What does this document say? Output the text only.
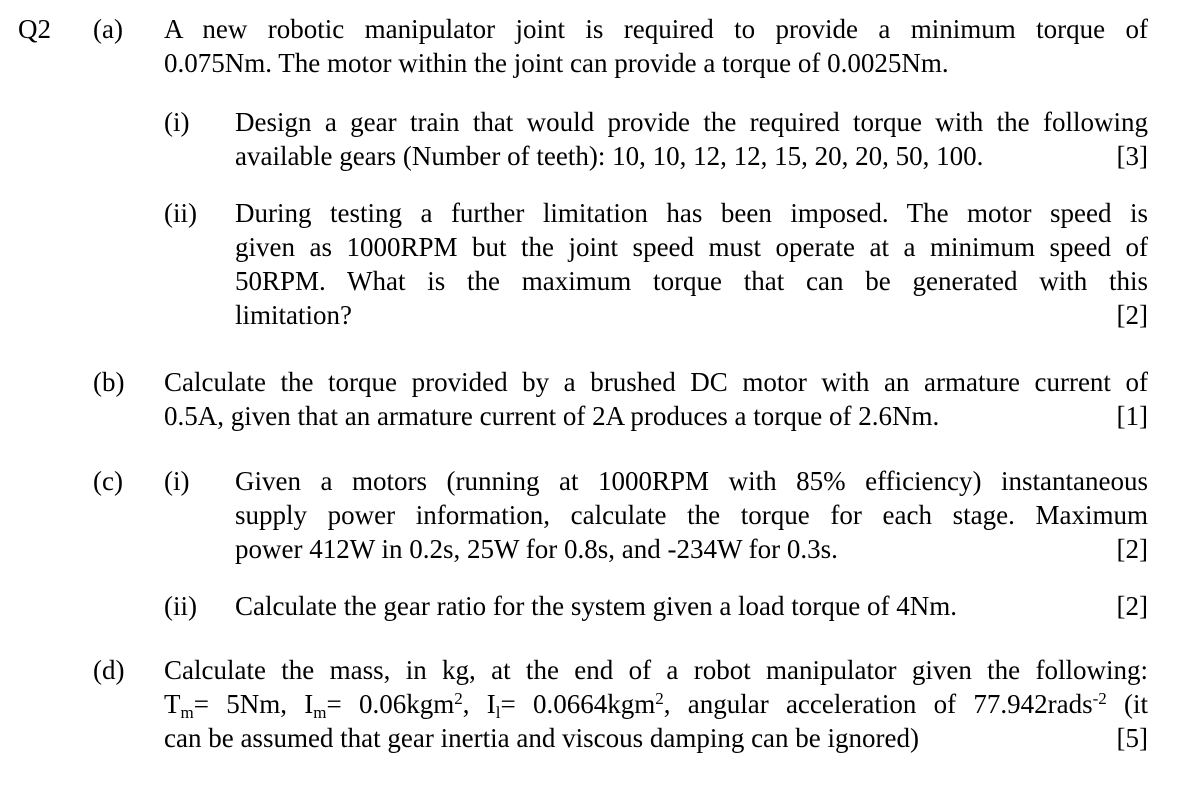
Q2 (a) A new robotic manipulator joint is required to provide a minimum torque of
0.075Nm. The motor within the joint can provide a torque of 0.0025Nm.
(i) Design a gear train that would provide the required torque with the following
available gears (Number of teeth): 10, 10, 12, 12, 15, 20, 20, 50, 100.	[3]
(ii) During testing a further limitation has been imposed. The motor speed is
given as 1000RPM but the joint speed must operate at a minimum speed of
50RPM. What is the maximum torque that can be generated with this
limitation?	[2]
(b) Calculate the torque provided by a brushed DC motor with an armature current of
0.5A, given that an armature current of 2A produces a torque of 2.6Nm.	[1]
(c) (i) Given a motors (running at 1000RPM with 85% efficiency) instantaneous
supply power information, calculate the torque for each stage. Maximum
power 412W in 0.2s, 25W for 0.8s, and -234W for 0.3s.	[2]
(ii) Calculate the gear ratio for the system given a load torque of 4Nm.	[2]
(d) Calculate the mass, in kg, at the end of a robot manipulator given the following:
$T_m= 5Nm$, $I_m= 0.06kgm^2$, $I_l= 0.0664kgm^2$, angular acceleration of 77.942rads$^{-2}$ (it
can be assumed that gear inertia and viscous damping can be ignored)	[5]
